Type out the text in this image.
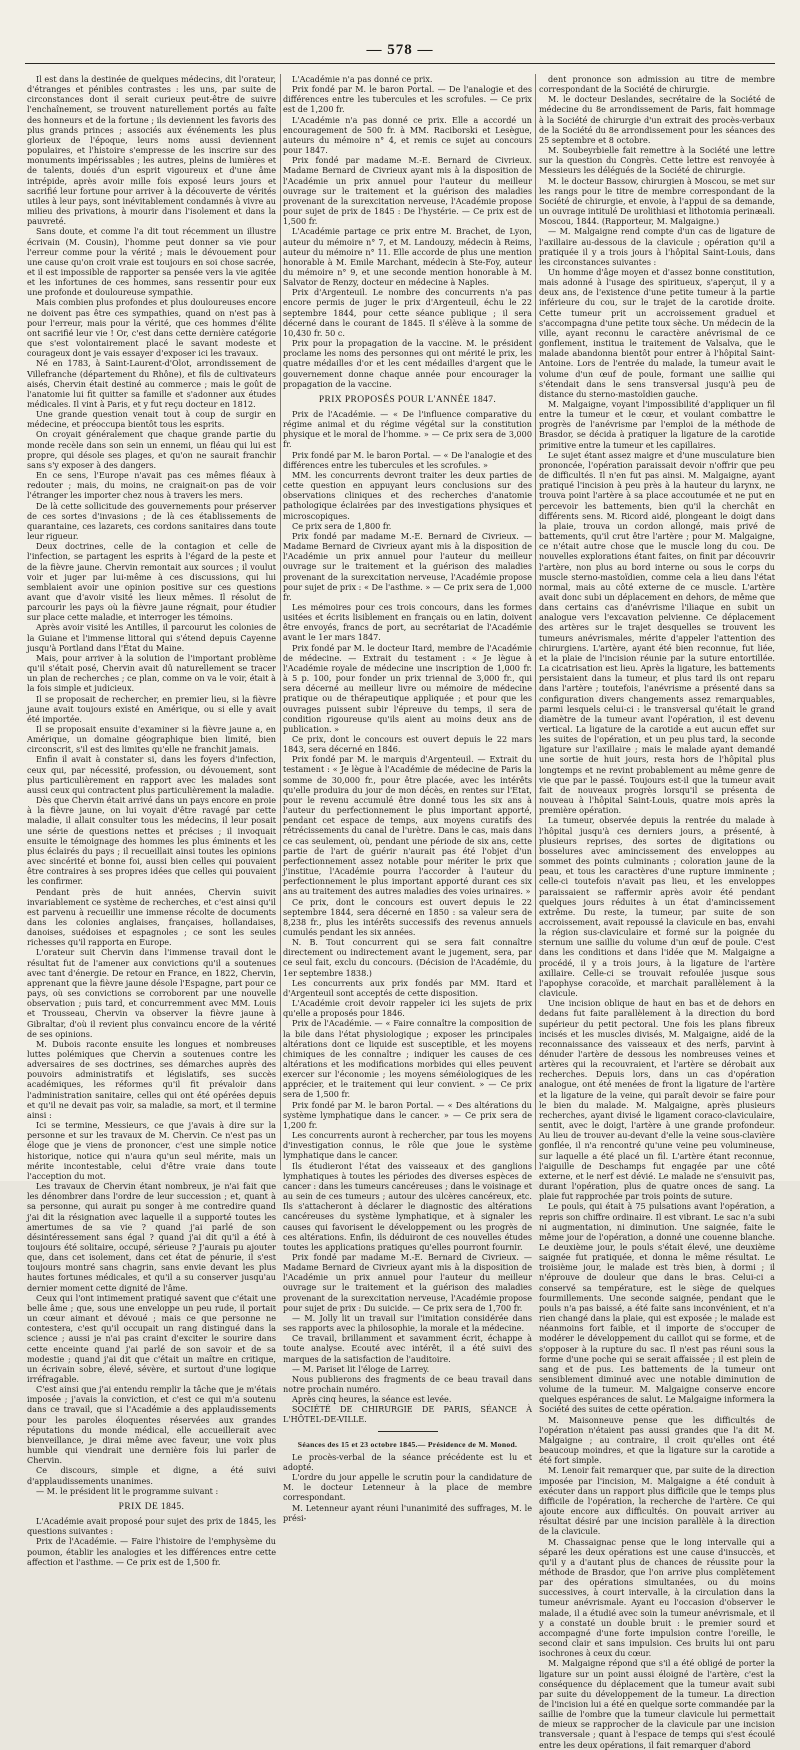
— 578 —

Il est dans la destinée de quelques médecins, dit l'orateur, d'étranges et pénibles contrastes : les uns, par suite de circonstances dont il serait curieux peut-être de suivre l'enchaînement, se trouvent naturellement portés au faîte des honneurs et de la fortune ; ils deviennent les favoris des plus grands princes ; associés aux événements les plus glorieux de l'époque, leurs noms aussi deviennent populaires, et l'histoire s'empresse de les inscrire sur des monuments impérissables ; les autres, pleins de lumières et de talents, doués d'un esprit vigoureux et d'une âme intrépide, après avoir mille fois exposé leurs jours et sacrifié leur fortune pour arriver à la découverte de vérités utiles à leur pays, sont inévitablement condamnés à vivre au milieu des privations, à mourir dans l'isolement et dans la pauvreté.

Sans doute, et comme l'a dit tout récemment un illustre écrivain (M. Cousin), l'homme peut donner sa vie pour l'erreur comme pour la vérité ; mais le dévouement pour une cause qu'on croit vraie est toujours en soi chose sacrée, et il est impossible de rapporter sa pensée vers la vie agitée et les infortunes de ces hommes, sans ressentir pour eux une profonde et douloureuse sympathie.

Mais combien plus profondes et plus douloureuses encore ne doivent pas être ces sympathies, quand on n'est pas à pour l'erreur, mais pour la vérité, que ces hommes d'élite ont sacrifié leur vie ! Or, c'est dans cette dernière catégorie que s'est volontairement placé le savant modeste et courageux dont je vais essayer d'exposer ici les travaux.

Né en 1783, à Saint-Laurent-d'Olot, arrondissement de Villefranche (département du Rhône), et fils de cultivateurs aisés, Chervin était destiné au commerce ; mais le goût de l'anatomie lui fit quitter sa famille et s'adonner aux études médicales. Il vint à Paris, et y fut reçu docteur en 1812.

Une grande question venait tout à coup de surgir en médecine, et préoccupa bientôt tous les esprits.

On croyait généralement que chaque grande partie du monde recèle dans son sein un ennemi, un fléau qui lui est propre, qui désole ses plages, et qu'on ne saurait franchir sans s'y exposer à des dangers.

En ce sens, l'Europe n'avait pas ces mêmes fléaux à redouter ; mais, du moins, ne craignait-on pas de voir l'étranger les importer chez nous à travers les mers.

De là cette sollicitude des gouvernements pour préserver de ces sortes d'invasions ; de là ces établissements de quarantaine, ces lazarets, ces cordons sanitaires dans toute leur rigueur.

Deux doctrines, celle de la contagion et celle de l'infection, se partagent les esprits à l'égard de la peste et de la fièvre jaune. Chervin remontait aux sources ; il voulut voir et juger par lui-même à ces discussions, qui lui semblaient avoir une opinion positive sur ces questions avant que d'avoir visité les lieux mêmes. Il résolut de parcourir les pays où la fièvre jaune régnait, pour étudier sur place cette maladie, et interroger les témoins.

Après avoir visité les Antilles, il parcourut les colonies de la Guiane et l'immense littoral qui s'étend depuis Cayenne jusqu'à Portland dans l'État du Maine.

Mais, pour arriver à la solution de l'important problème qu'il s'était posé, Chervin avait dû naturellement se tracer un plan de recherches ; ce plan, comme on va le voir, était à la fois simple et judicieux.

Il se proposait de rechercher, en premier lieu, si la fièvre jaune avait toujours existé en Amérique, ou si elle y avait été importée.

Il se proposait ensuite d'examiner si la fièvre jaune a, en Amérique, un domaine géographique bien limité, bien circonscrit, s'il est des limites qu'elle ne franchit jamais.

Enfin il avait à constater si, dans les foyers d'infection, ceux qui, par nécessité, profession, ou dévouement, sont plus particulièrement en rapport avec les malades sont aussi ceux qui contractent plus particulièrement la maladie.

Dès que Chervin était arrivé dans un pays encore en proie à la fièvre jaune, on lui voyait d'être ravagé par cette maladie, il allait consulter tous les médecins, il leur posait une série de questions nettes et précises ; il invoquait ensuite le témoignage des hommes les plus éminents et les plus éclairés du pays ; il recueillait ainsi toutes les opinions avec sincérité et bonne foi, aussi bien celles qui pouvaient être contraires à ses propres idées que celles qui pouvaient les confirmer.

Pendant près de huit années, Chervin suivit invariablement ce système de recherches, et c'est ainsi qu'il est parvenu à recueillir une immense récolte de documents dans les colonies anglaises, françaises, hollandaises, danoises, suédoises et espagnoles ; ce sont les seules richesses qu'il rapporta en Europe.

L'orateur suit Chervin dans l'immense travail dont le résultat fut de l'amener aux convictions qu'il a soutenues avec tant d'énergie. De retour en France, en 1822, Chervin, apprenant que la fièvre jaune désole l'Espagne, part pour ce pays, où ses convictions se corroborent par une nouvelle observation ; puis tard, et concurremment avec MM. Louis et Trousseau, Chervin va observer la fièvre jaune à Gibraltar, d'où il revient plus convaincu encore de la vérité de ses opinions.

M. Dubois raconte ensuite les longues et nombreuses luttes polémiques que Chervin a soutenues contre les adversaires de ses doctrines, ses démarches auprès des pouvoirs administratifs et législatifs, ses succès académiques, les réformes qu'il fit prévaloir dans l'administration sanitaire, celles qui ont été opérées depuis et qu'il ne devait pas voir, sa maladie, sa mort, et il termine ainsi :

Ici se termine, Messieurs, ce que j'avais à dire sur la personne et sur les travaux de M. Chervin. Ce n'est pas un éloge que je viens de prononcer, c'est une simple notice historique, notice qui n'aura qu'un seul mérite, mais un mérite incontestable, celui d'être vraie dans toute l'acception du mot.

Les travaux de Chervin étant nombreux, je n'ai fait que les dénombrer dans l'ordre de leur succession ; et, quant à sa personne, qui aurait pu songer à me contredire quand j'ai dit la résignation avec laquelle il a supporté toutes les amertumes de sa vie ? quand j'ai parlé de son désintéressement sans égal ? quand j'ai dit qu'il a été à toujours été solitaire, occupé, sérieuse ? J'aurais pu ajouter que, dans cet isolement, dans cet état de pénurie, il s'est toujours montré sans chagrin, sans envie devant les plus hautes fortunes médicales, et qu'il a su conserver jusqu'au dernier moment cette dignité de l'âme.

Ceux qui l'ont intimement pratiqué savent que c'était une belle âme ; que, sous une enveloppe un peu rude, il portait un cœur aimant et dévoué ; mais ce que personne ne contestera, c'est qu'il occupait un rang distingué dans la science ; aussi je n'ai pas craint d'exciter le sourire dans cette enceinte quand j'ai parlé de son savoir et de sa modestie ; quand j'ai dit que c'était un maître en critique, un écrivain sobre, élevé, sévère, et surtout d'une logique irréfragable.

C'est ainsi que j'ai entendu remplir la tâche que je m'étais imposée ; j'avais la conviction, et c'est ce qui m'a soutenu dans ce travail, que si l'Académie a des applaudissements pour les paroles éloquentes réservées aux grandes réputations du monde médical, elle accueillerait avec bienveillance, je dirai même avec faveur, une voix plus humble qui viendrait une dernière fois lui parler de Chervin.

Ce discours, simple et digne, a été suivi d'applaudissements unanimes.

— M. le président lit le programme suivant :

PRIX DE 1845.

L'Académie avait proposé pour sujet des prix de 1845, les questions suivantes :

Prix de l'Académie. — Faire l'histoire de l'emphysème du poumon, établir les analogies et les différences entre cette affection et l'asthme. — Ce prix est de 1,500 fr.

L'Académie n'a pas donné ce prix.

Prix fondé par M. le baron Portal. — De l'analogie et des différences entre les tubercules et les scrofules. — Ce prix est de 1,200 fr.

L'Académie n'a pas donné ce prix. Elle a accordé un encouragement de 500 fr. à MM. Raciborski et Lesègue, auteurs du mémoire n° 4, et remis ce sujet au concours pour 1847.

Prix fondé par madame M.-E. Bernard de Civrieux. Madame Bernard de Civrieux ayant mis à la disposition de l'Académie un prix annuel pour l'auteur du meilleur ouvrage sur le traitement et la guérison des maladies provenant de la surexcitation nerveuse, l'Académie propose pour sujet de prix de 1845 : De l'hystérie. — Ce prix est de 1,500 fr.

L'Académie partage ce prix entre M. Brachet, de Lyon, auteur du mémoire n° 7, et M. Landouzy, médecin à Reims, auteur du mémoire n° 11. Elle accorde de plus une mention honorable à M. Emile Marchant, médecin à Ste-Foy, auteur du mémoire n° 9, et une seconde mention honorable à M. Salvator de Renzy, docteur en médecine à Naples.

Prix d'Argenteuil. Le nombre des concurrents n'a pas encore permis de juger le prix d'Argenteuil, échu le 22 septembre 1844, pour cette séance publique ; il sera décerné dans le courant de 1845. Il s'élève à la somme de 10,430 fr. 50 c.

Prix pour la propagation de la vaccine. M. le président proclame les noms des personnes qui ont mérité le prix, les quatre médailles d'or et les cent médailles d'argent que le gouvernement donne chaque année pour encourager la propagation de la vaccine.

PRIX PROPOSÉS POUR L'ANNÉE 1847.

Prix de l'Académie. — « De l'influence comparative du régime animal et du régime végétal sur la constitution physique et le moral de l'homme. » — Ce prix sera de 3,000 fr.

Prix fondé par M. le baron Portal. — « De l'analogie et des différences entre les tubercules et les scrofules. »

MM. les concurrents devront traiter les deux parties de cette question en appuyant leurs conclusions sur des observations cliniques et des recherches d'anatomie pathologique éclairées par des investigations physiques et microscopiques.

Ce prix sera de 1,800 fr.

Prix fondé par madame M.-E. Bernard de Civrieux. — Madame Bernard de Civrieux ayant mis à la disposition de l'Académie un prix annuel pour l'auteur du meilleur ouvrage sur le traitement et la guérison des maladies provenant de la surexcitation nerveuse, l'Académie propose pour sujet de prix : « De l'asthme. » — Ce prix sera de 1,000 fr.

Les mémoires pour ces trois concours, dans les formes usitées et écrits lisiblement en français ou en latin, doivent être envoyés, francs de port, au secrétariat de l'Académie avant le 1er mars 1847.

Prix fondé par M. le docteur Itard, membre de l'Académie de médecine. — Extrait du testament : « Je lègue à l'Académie royale de médecine une inscription de 1,000 fr. à 5 p. 100, pour fonder un prix triennal de 3,000 fr., qui sera décerné au meilleur livre ou mémoire de médecine pratique ou de thérapeutique appliquée ; et pour que les ouvrages puissent subir l'épreuve du temps, il sera de condition rigoureuse qu'ils aient au moins deux ans de publication. »

Ce prix, dont le concours est ouvert depuis le 22 mars 1843, sera décerné en 1846.

Prix fondé par M. le marquis d'Argenteuil. — Extrait du testament : « Je lègue à l'Académie de médecine de Paris la somme de 30,000 fr., pour être placée, avec les intérêts qu'elle produira du jour de mon décès, en rentes sur l'Etat, pour le revenu accumulé être donné tous les six ans à l'auteur du perfectionnement le plus important apporté, pendant cet espace de temps, aux moyens curatifs des rétrécissements du canal de l'urètre. Dans le cas, mais dans ce cas seulement, où, pendant une période de six ans, cette partie de l'art de guérir n'aurait pas été l'objet d'un perfectionnement assez notable pour mériter le prix que j'institue, l'Académie pourra l'accorder à l'auteur du perfectionnement le plus important apporté durant ces six ans au traitement des autres maladies des voies urinaires. »

Ce prix, dont le concours est ouvert depuis le 22 septembre 1844, sera décerné en 1850 : sa valeur sera de 8,238 fr., plus les intérêts successifs des revenus annuels cumulés pendant les six années.

N. B. Tout concurrent qui se sera fait connaître directement ou indirectement avant le jugement, sera, par ce seul fait, exclu du concours. (Décision de l'Académie, du 1er septembre 1838.)

Les concurrents aux prix fondés par MM. Itard et d'Argenteuil sont acceptés de cette disposition.

L'Académie croit devoir rappeler ici les sujets de prix qu'elle a proposés pour 1846.

Prix de l'Académie. — « Faire connaître la composition de la bile dans l'état physiologique ; exposer les principales altérations dont ce liquide est susceptible, et les moyens chimiques de les connaître ; indiquer les causes de ces altérations et les modifications morbides qui elles peuvent exercer sur l'économie ; les moyens séméiologiques de les apprécier, et le traitement qui leur convient. » — Ce prix sera de 1,500 fr.

Prix fondé par M. le baron Portal. — « Des altérations du système lymphatique dans le cancer. » — Ce prix sera de 1,200 fr.

Les concurrents auront à rechercher, par tous les moyens d'investigation connus, le rôle que joue le système lymphatique dans le cancer.

Ils étudieront l'état des vaisseaux et des ganglions lymphatiques à toutes les périodes des diverses espèces de cancer : dans les tumeurs cancéreuses ; dans le voisinage et au sein de ces tumeurs ; autour des ulcères cancéreux, etc. Ils s'attacheront à déclarer le diagnostic des altérations cancéreuses du système lymphatique, et à signaler les causes qui favorisent le développement ou les progrès de ces altérations. Enfin, ils déduiront de ces nouvelles études toutes les applications pratiques qu'elles pourront fournir.

Prix fondé par madame M.-E. Bernard de Civrieux. — Madame Bernard de Civrieux ayant mis à la disposition de l'Académie un prix annuel pour l'auteur du meilleur ouvrage sur le traitement et la guérison des maladies provenant de la surexcitation nerveuse, l'Académie propose pour sujet de prix : Du suicide. — Ce prix sera de 1,700 fr.

— M. Jolly lit un travail sur l'imitation considérée dans ses rapports avec la philosophie, la morale et la médecine.

Ce travail, brillamment et savamment écrit, échappe à toute analyse. Ecouté avec intérêt, il a été suivi des marques de la satisfaction de l'auditoire.

— M. Pariset lit l'éloge de Larrey.

Nous publierons des fragments de ce beau travail dans notre prochain numéro.

Après cinq heures, la séance est levée.

SOCIÉTÉ DE CHIRURGIE DE PARIS, SÉANCE À L'HÔTEL-DE-VILLE.

Séances des 15 et 23 octobre 1845.— Présidence de M. Monod.

Le procès-verbal de la séance précédente est lu et adopté.

L'ordre du jour appelle le scrutin pour la candidature de M. le docteur Letenneur à la place de membre correspondant.

M. Letenneur ayant réuni l'unanimité des suffrages, M. le prési-

dent prononce son admission au titre de membre correspondant de la Société de chirurgie.

M. le docteur Deslandes, secrétaire de la Société de médecine du 8e arrondissement de Paris, fait hommage à la Société de chirurgie d'un extrait des procès-verbaux de la Société du 8e arrondissement pour les séances des 25 septembre et 8 octobre.

M. Soubeyrbielle fait remettre à la Société une lettre sur la question du Congrès. Cette lettre est renvoyée à Messieurs les délégués de la Société de chirurgie.

M. le docteur Bassow, chirurgien à Moscou, se met sur les rangs pour le titre de membre correspondant de la Société de chirurgie, et envoie, à l'appui de sa demande, un ouvrage intitulé De urolithiasi et lithotomia perinæali. Moscou, 1844. (Rapporteur, M. Malgaigne.)

— M. Malgaigne rend compte d'un cas de ligature de l'axillaire au-dessous de la clavicule ; opération qu'il a pratiquée il y a trois jours à l'hôpital Saint-Louis, dans les circonstances suivantes :

Un homme d'âge moyen et d'assez bonne constitution, mais adonné à l'usage des spiritueux, s'aperçut, il y a deux ans, de l'existence d'une petite tumeur à la partie inférieure du cou, sur le trajet de la carotide droite. Cette tumeur prit un accroissement graduel et s'accompagna d'une petite toux sèche. Un médecin de la ville, ayant reconnu le caractère anévrismal de ce gonflement, institua le traitement de Valsalva, que le malade abandonna bientôt pour entrer à l'hôpital Saint-Antoine. Lors de l'entrée du malade, la tumeur avait le volume d'un œuf de poule, formant une saillie qui s'étendait dans le sens transversal jusqu'à peu de distance du sterno-mastoïdien gauche.

M. Malgaigne, voyant l'impossibilité d'appliquer un fil entre la tumeur et le cœur, et voulant combattre le progrès de l'anévrisme par l'emploi de la méthode de Brasdor, se décida à pratiquer la ligature de la carotide primitive entre la tumeur et les capillaires.

Le sujet étant assez maigre et d'une musculature bien prononcée, l'opération paraissait devoir n'offrir que peu de difficultés. Il n'en fut pas ainsi. M. Malgaigne, ayant pratiqué l'incision à peu près à la hauteur du larynx, ne trouva point l'artère à sa place accoutumée et ne put en percevoir les battements, bien qu'il la cherchât en différents sens. M. Ricord aidé, plongeant le doigt dans la plaie, trouva un cordon allongé, mais privé de battements, qu'il crut être l'artère ; pour M. Malgaigne, ce n'était autre chose que le muscle long du cou. De nouvelles explorations étant faites, on finit par découvrir l'artère, non plus au bord interne ou sous le corps du muscle sterno-mastoïdien, comme cela a lieu dans l'état normal, mais au côté externe de ce muscle. L'artère avait donc subi un déplacement en dehors, de même que dans certains cas d'anévrisme l'iliaque en subit un analogue vers l'excavation pelvienne. Ce déplacement des artères sur le trajet desquelles se trouvent les tumeurs anévrismales, mérite d'appeler l'attention des chirurgiens. L'artère, ayant été bien reconnue, fut liée, et la plaie de l'incision réunie par la suture entortillée. La cicatrisation est lieu. Après la ligature, les battements persistaient dans la tumeur, et plus tard ils ont reparu dans l'artère ; toutefois, l'anévrisme a présenté dans sa configuration divers changements assez remarquables, parmi lesquels celui-ci : le transversal qu'était le grand diamètre de la tumeur avant l'opération, il est devenu vertical. La ligature de la carotide a eut aucun effet sur les suites de l'opération, et un peu plus tard, la seconde ligature sur l'axillaire ; mais le malade ayant demandé une sortie de huit jours, resta hors de l'hôpital plus longtemps et ne revint probablement au même genre de vie que par le passé. Toujours est-il que la tumeur avait fait de nouveaux progrès lorsqu'il se présenta de nouveau à l'hôpital Saint-Louis, quatre mois après la première opération.

La tumeur, observée depuis la rentrée du malade à l'hôpital jusqu'à ces derniers jours, a présenté, à plusieurs reprises, des sortes de digitations ou bosselures avec amincissement des enveloppes au sommet des points culminants ; coloration jaune de la peau, et tous les caractères d'une rupture imminente ; celle-ci toutefois n'avait pas lieu, et les enveloppes paraissaient se raffermir après avoir été pendant quelques jours réduites à un état d'amincissement extrême. Du reste, la tumeur, par suite de son accroissement, avait repoussé la clavicule en bas, envahi la région sus-claviculaire et formé sur la poignée du sternum une saillie du volume d'un œuf de poule. C'est dans les conditions et dans l'idée que M. Malgaigne a procédé, il y a trois jours, à la ligature de l'artère axillaire. Celle-ci se trouvait refoulée jusque sous l'apophyse coracoïde, et marchait parallèlement à la clavicule.

Une incision oblique de haut en bas et de dehors en dedans fut faite parallèlement à la direction du bord supérieur du petit pectoral. Une fois les plans fibreux incisés et les muscles divisés, M. Malgaigne, aidé de la reconnaissance des vaisseaux et des nerfs, parvint à dénuder l'artère de dessous les nombreuses veines et artères qui la recouvraient, et l'artère se dérobait aux recherches. Depuis lors, dans un cas d'opération analogue, ont été menées de front la ligature de l'artère et la ligature de la veine, qui paraît devoir se faire pour le bien du malade. M. Malgaigne, après plusieurs recherches, ayant divisé le ligament coraco-claviculaire, sentit, avec le doigt, l'artère à une grande profondeur. Au lieu de trouver au-devant d'elle la veine sous-clavière gonflée, il n'a rencontré qu'une veine peu volumineuse, sur laquelle a été placé un fil. L'artère étant reconnue, l'aiguille de Deschamps fut engagée par une côté externe, et le nerf est dévié. Le malade ne s'ensuivit pas, durant l'opération, plus de quatre onces de sang. La plaie fut rapprochée par trois points de suture.

Le pouls, qui était à 75 pulsations avant l'opération, a repris son chiffre ordinaire. Il est vibrant. Le sac n'a subi ni augmentation, ni diminution. Une saignée, faite le même jour de l'opération, a donné une couenne blanche. Le deuxième jour, le pouls s'était élevé, une deuxième saignée fut pratiquée, et donna le même résultat. Le troisième jour, le malade est très bien, à dormi ; il n'éprouve de douleur que dans le bras. Celui-ci a conservé sa température, est le siège de quelques fourmillements. Une seconde saignée, pendant que le pouls n'a pas baissé, a été faite sans inconvénient, et n'a rien changé dans la plaie, qui est exposée ; le malade est néanmoins fort faible, et il importe de s'occuper de modérer le développement du caillot qui se forme, et de s'opposer à la rupture du sac. Il n'est pas réuni sous la forme d'une poche qui se serait affaissée ; il est plein de sang et de pus. Les battements de la tumeur ont sensiblement diminué avec une notable diminution de volume de la tumeur. M. Malgaigne conserve encore quelques espérances de salut. Le Malgaigne informera la Société des suites de cette opération.

M. Maisonneuve pense que les difficultés de l'opération n'étaient pas aussi grandes que l'a dit M. Malgaigne ; au contraire, il croit qu'elles ont été beaucoup moindres, et que la ligature sur la carotide a été fort simple.

M. Lenoir fait remarquer que, par suite de la direction imposée par l'incision, M. Malgaigne a été conduit à exécuter dans un rapport plus difficile que le temps plus difficile de l'opération, la recherche de l'artère. Ce qui ajoute encore aux difficultés. On pouvait arriver au résultat désiré par une incision parallèle à la direction de la clavicule.

M. Chassaignac pense que le long intervalle qui a séparé les deux opérations est une cause d'insuccès, et qu'il y a d'autant plus de chances de réussite pour la méthode de Brasdor, que l'on arrive plus complètement par des opérations simultanées, ou du moins successives, à court intervalle, à la circulation dans la tumeur anévrismale. Ayant eu l'occasion d'observer le malade, il a étudié avec soin la tumeur anévrismale, et il y a constaté un double bruit : le premier sourd et accompagné d'une forte impulsion contre l'oreille, le second clair et sans impulsion. Ces bruits lui ont paru isochrones à ceux du cœur.

M. Malgaigne répond que s'il a été obligé de porter la ligature sur un point aussi éloigné de l'artère, c'est la conséquence du déplacement que la tumeur avait subi par suite du développement de la tumeur. La direction de l'incision lui a été en quelque sorte commandée par la saillie de l'ombre que la tumeur clavicule lui permettait de mieux se rapprocher de la clavicule par une incision transversale ; quant à l'espace de temps qui s'est écoulé entre les deux opérations, il fait remarquer d'abord
